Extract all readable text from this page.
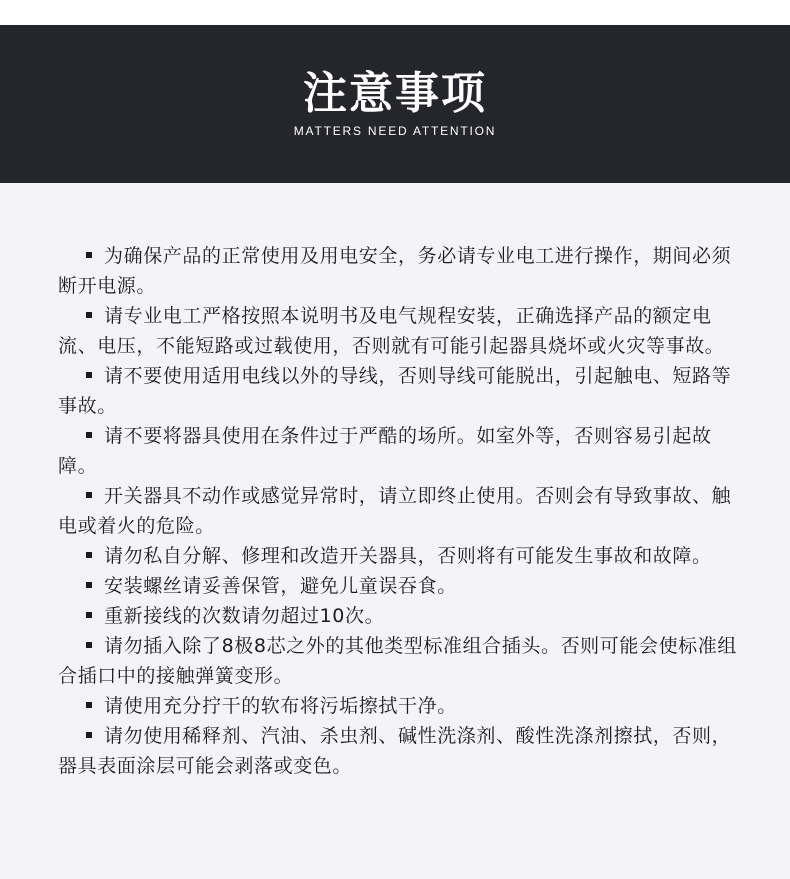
注意事项
MATTERS NEED ATTENTION
为确保产品的正常使用及用电安全，务必请专业电工进行操作，期间必须断开电源。
请专业电工严格按照本说明书及电气规程安装，正确选择产品的额定电流、电压，不能短路或过载使用，否则就有可能引起器具烧坏或火灾等事故。
请不要使用适用电线以外的导线，否则导线可能脱出，引起触电、短路等事故。
请不要将器具使用在条件过于严酷的场所。如室外等，否则容易引起故障。
开关器具不动作或感觉异常时，请立即终止使用。否则会有导致事故、触电或着火的危险。
请勿私自分解、修理和改造开关器具，否则将有可能发生事故和故障。
安装螺丝请妥善保管，避免儿童误吞食。
重新接线的次数请勿超过10次。
请勿插入除了8极8芯之外的其他类型标准组合插头。否则可能会使标准组合插口中的接触弹簧变形。
请使用充分拧干的软布将污垢擦拭干净。
请勿使用稀释剂、汽油、杀虫剂、碱性洗涤剂、酸性洗涤剂擦拭，否则，器具表面涂层可能会剥落或变色。
